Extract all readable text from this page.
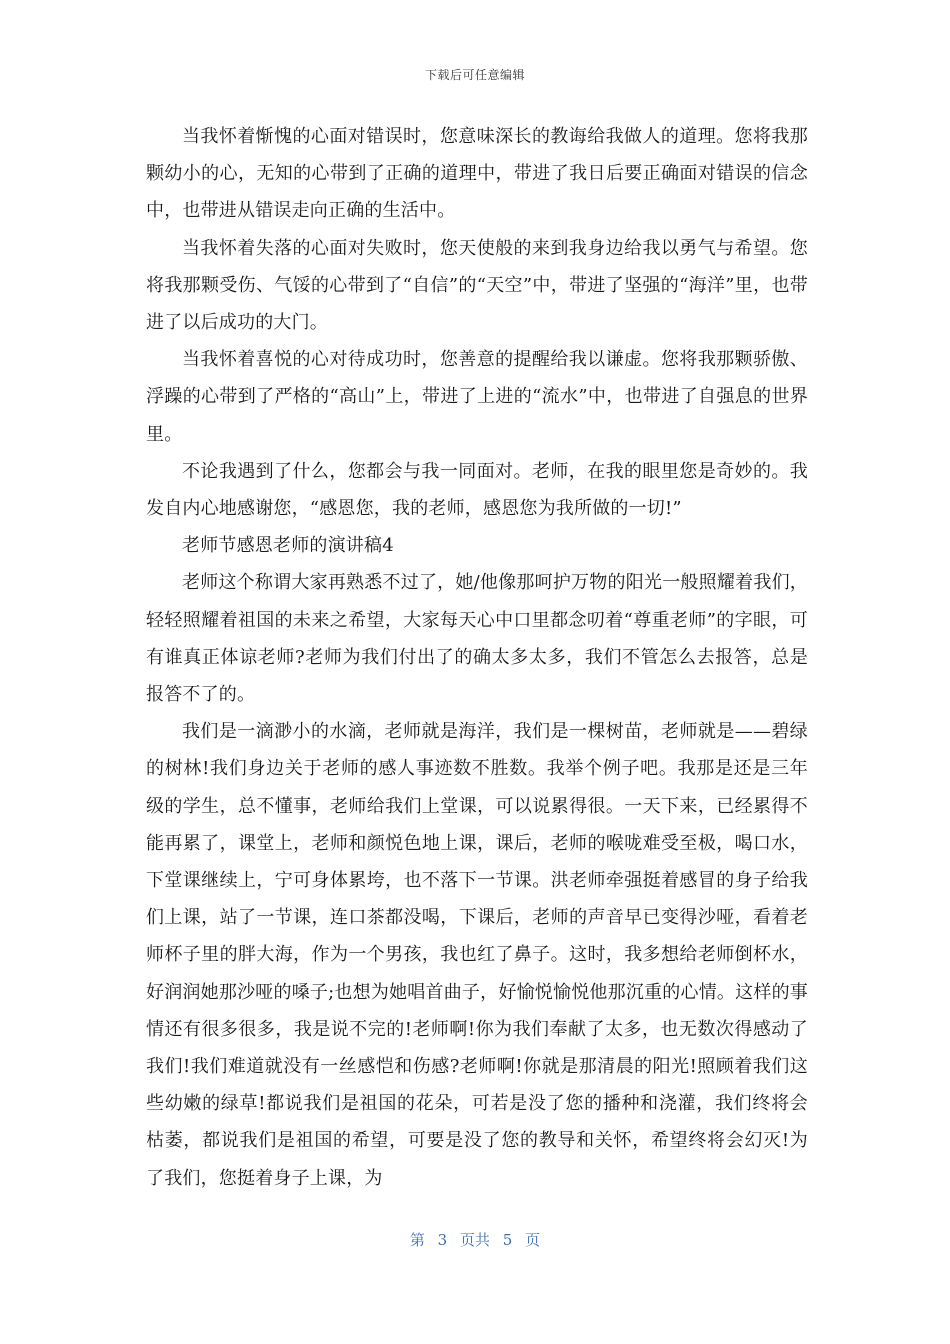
下载后可任意编辑

当我怀着惭愧的心面对错误时，您意味深长的教诲给我做人的道理。您将我那颗幼小的心，无知的心带到了正确的道理中，带进了我日后要正确面对错误的信念中，也带进从错误走向正确的生活中。

当我怀着失落的心面对失败时，您天使般的来到我身边给我以勇气与希望。您将我那颗受伤、气馁的心带到了“自信”的“天空”中，带进了坚强的“海洋”里，也带进了以后成功的大门。

当我怀着喜悦的心对待成功时，您善意的提醒给我以谦虚。您将我那颗骄傲、浮躁的心带到了严格的“高山”上，带进了上进的“流水”中，也带进了自强息的世界里。

不论我遇到了什么，您都会与我一同面对。老师，在我的眼里您是奇妙的。我发自内心地感谢您，“感恩您，我的老师，感恩您为我所做的一切!”

老师节感恩老师的演讲稿4

老师这个称谓大家再熟悉不过了，她/他像那呵护万物的阳光一般照耀着我们，轻轻照耀着祖国的未来之希望，大家每天心中口里都念叨着“尊重老师”的字眼，可有谁真正体谅老师?老师为我们付出了的确太多太多，我们不管怎么去报答，总是报答不了的。

我们是一滴渺小的水滴，老师就是海洋，我们是一棵树苗，老师就是——碧绿的树林!我们身边关于老师的感人事迹数不胜数。我举个例子吧。我那是还是三年级的学生，总不懂事，老师给我们上堂课，可以说累得很。一天下来，已经累得不能再累了，课堂上，老师和颜悦色地上课，课后，老师的喉咙难受至极，喝口水，下堂课继续上，宁可身体累垮，也不落下一节课。洪老师牵强挺着感冒的身子给我们上课，站了一节课，连口茶都没喝，下课后，老师的声音早已变得沙哑，看着老师杯子里的胖大海，作为一个男孩，我也红了鼻子。这时，我多想给老师倒杯水，好润润她那沙哑的嗓子;也想为她唱首曲子，好愉悦愉悦他那沉重的心情。这样的事情还有很多很多，我是说不完的!老师啊!你为我们奉献了太多，也无数次得感动了我们!我们难道就没有一丝感恺和伤感?老师啊!你就是那清晨的阳光!照顾着我们这些幼嫩的绿草!都说我们是祖国的花朵，可若是没了您的播种和浇灌，我们终将会枯萎，都说我们是祖国的希望，可要是没了您的教导和关怀，希望终将会幻灭!为了我们，您挺着身子上课，为

第 3 页共 5 页
